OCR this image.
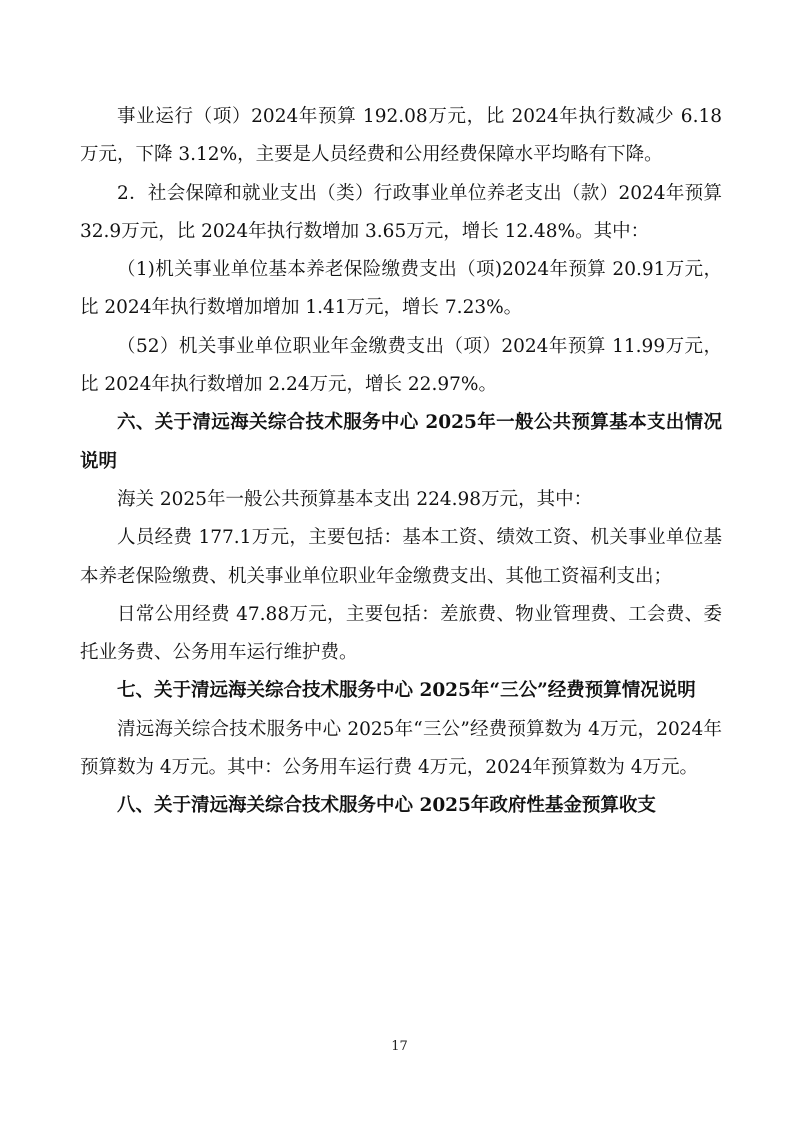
事业运行（项）2024年预算 192.08万元，比 2024年执行数减少 6.18万元，下降 3.12%，主要是人员经费和公用经费保障水平均略有下降。

2．社会保障和就业支出（类）行政事业单位养老支出（款）2024年预算 32.9万元，比 2024年执行数增加 3.65万元，增长 12.48%。其中：

（1)机关事业单位基本养老保险缴费支出（项)2024年预算 20.91万元，比 2024年执行数增加增加 1.41万元，增长 7.23%。

（52）机关事业单位职业年金缴费支出（项）2024年预算 11.99万元，比 2024年执行数增加 2.24万元，增长 22.97%。

六、关于清远海关综合技术服务中心 2025年一般公共预算基本支出情况说明

海关 2025年一般公共预算基本支出 224.98万元，其中：

人员经费 177.1万元，主要包括：基本工资、绩效工资、机关事业单位基本养老保险缴费、机关事业单位职业年金缴费支出、其他工资福利支出；

日常公用经费 47.88万元，主要包括：差旅费、物业管理费、工会费、委托业务费、公务用车运行维护费。

七、关于清远海关综合技术服务中心 2025年“三公”经费预算情况说明

清远海关综合技术服务中心 2025年“三公”经费预算数为 4万元，2024年预算数为 4万元。其中：公务用车运行费 4万元，2024年预算数为 4万元。

八、关于清远海关综合技术服务中心 2025年政府性基金预算收支

17
